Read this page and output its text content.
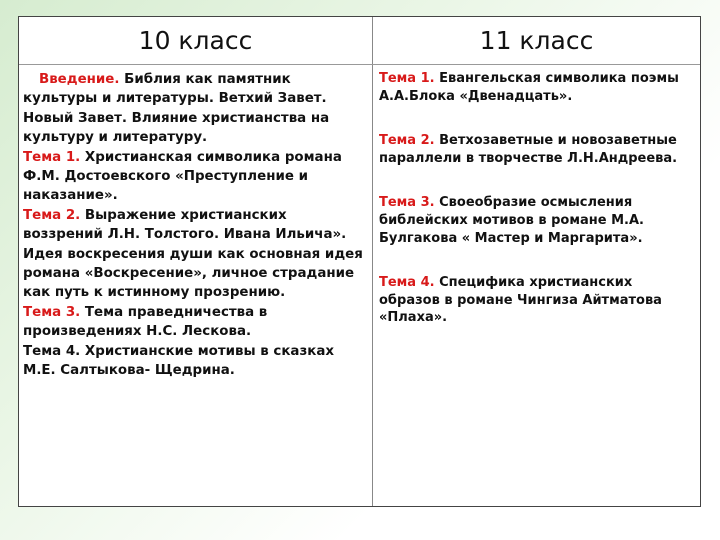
10 класс	11 класс

Введение. Библия как памятник культуры и литературы. Ветхий Завет. Новый Завет. Влияние христианства на культуру и литературу.

Тема 1. Христианская символика романа Ф.М. Достоевского «Преступление и наказание».

Тема 2. Выражение христианских воззрений Л.Н. Толстого. Ивана Ильича». Идея воскресения души как основная идея романа «Воскресение», личное страдание как путь к истинному прозрению.

Тема 3. Тема праведничества в произведениях Н.С. Лескова.

Тема 4. Христианские мотивы в сказках М.Е. Салтыкова- Щедрина.

Тема 1. Евангельская символика поэмы А.А.Блока «Двенадцать».

Тема 2. Ветхозаветные и новозаветные параллели в творчестве Л.Н.Андреева.

Тема 3. Своеобразие осмысления библейских мотивов в романе М.А. Булгакова « Мастер и Маргарита».

Тема 4. Специфика христианских образов в романе Чингиза Айтматова «Плаха».
